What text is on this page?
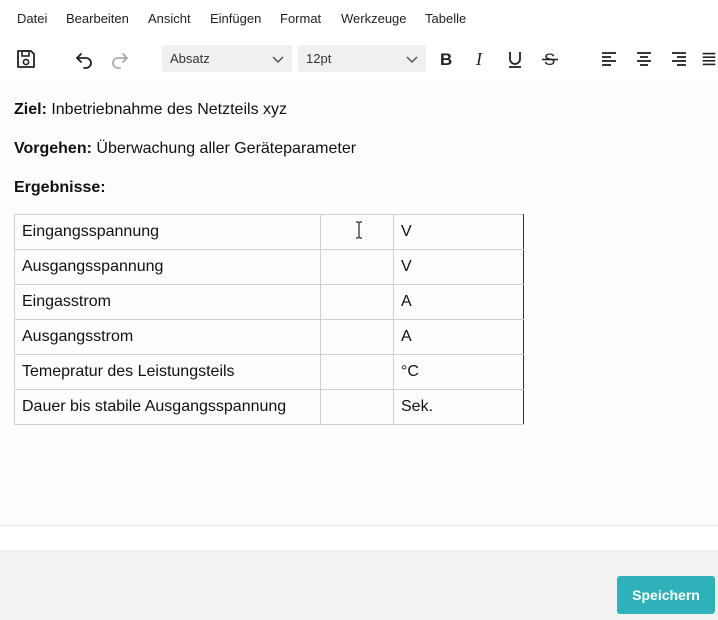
Datei Bearbeiten Ansicht Einfügen Format Werkzeuge Tabelle
Absatz	12pt	B I	S
Ziel: Inbetriebnahme des Netzteils xyz
Vorgehen: Überwachung aller Geräteparameter
Ergebnisse:
Eingangsspannung		V
Ausgangsspannung		V
Eingasstrom		A
Ausgangsstrom		A
Temepratur des Leistungsteils		°C
Dauer bis stabile Ausgangsspannung		Sek.
Speichern
